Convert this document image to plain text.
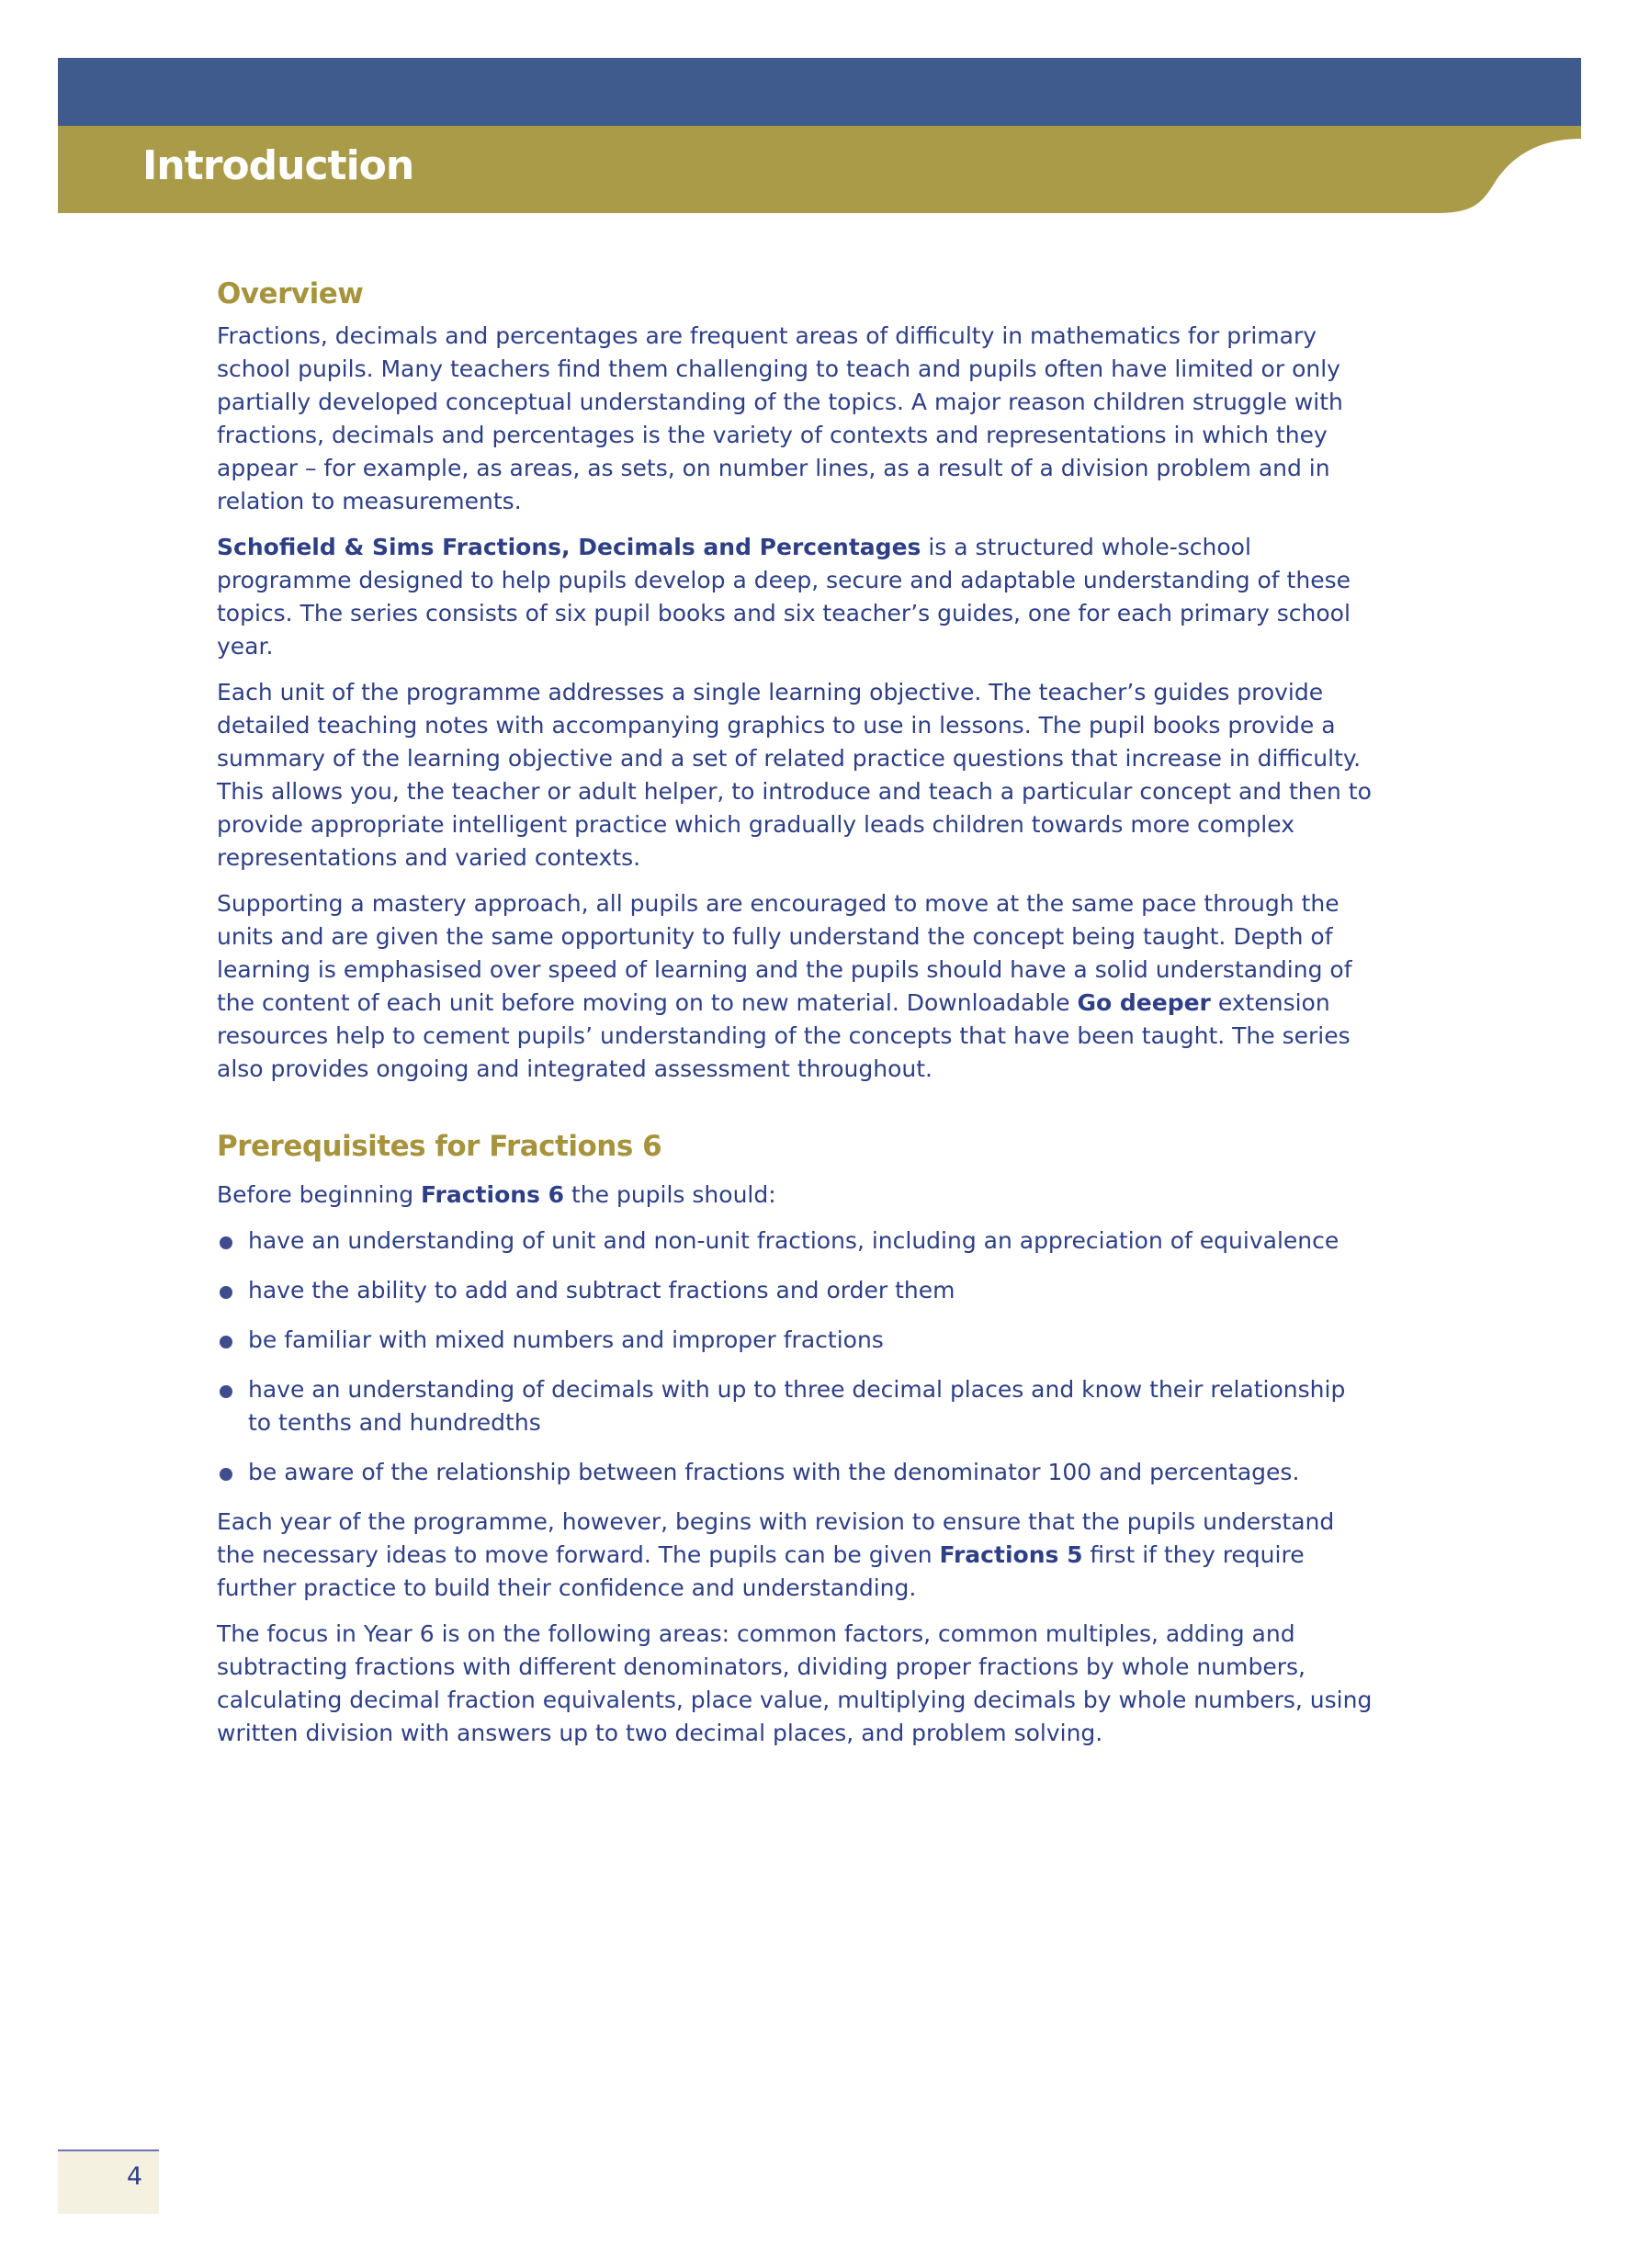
Introduction
Overview

Fractions, decimals and percentages are frequent areas of difficulty in mathematics for primary school pupils. Many teachers find them challenging to teach and pupils often have limited or only partially developed conceptual understanding of the topics. A major reason children struggle with fractions, decimals and percentages is the variety of contexts and representations in which they appear – for example, as areas, as sets, on number lines, as a result of a division problem and in relation to measurements.

Schofield & Sims Fractions, Decimals and Percentages is a structured whole-school programme designed to help pupils develop a deep, secure and adaptable understanding of these topics. The series consists of six pupil books and six teacher’s guides, one for each primary school year.

Each unit of the programme addresses a single learning objective. The teacher’s guides provide detailed teaching notes with accompanying graphics to use in lessons. The pupil books provide a summary of the learning objective and a set of related practice questions that increase in difficulty. This allows you, the teacher or adult helper, to introduce and teach a particular concept and then to provide appropriate intelligent practice which gradually leads children towards more complex representations and varied contexts.

Supporting a mastery approach, all pupils are encouraged to move at the same pace through the units and are given the same opportunity to fully understand the concept being taught. Depth of learning is emphasised over speed of learning and the pupils should have a solid understanding of the content of each unit before moving on to new material. Downloadable Go deeper extension resources help to cement pupils’ understanding of the concepts that have been taught. The series also provides ongoing and integrated assessment throughout.

Prerequisites for Fractions 6

Before beginning Fractions 6 the pupils should:

have an understanding of unit and non-unit fractions, including an appreciation of equivalence
have the ability to add and subtract fractions and order them
be familiar with mixed numbers and improper fractions
have an understanding of decimals with up to three decimal places and know their relationship to tenths and hundredths
be aware of the relationship between fractions with the denominator 100 and percentages.

Each year of the programme, however, begins with revision to ensure that the pupils understand the necessary ideas to move forward. The pupils can be given Fractions 5 first if they require further practice to build their confidence and understanding.

The focus in Year 6 is on the following areas: common factors, common multiples, adding and subtracting fractions with different denominators, dividing proper fractions by whole numbers, calculating decimal fraction equivalents, place value, multiplying decimals by whole numbers, using written division with answers up to two decimal places, and problem solving.

4
